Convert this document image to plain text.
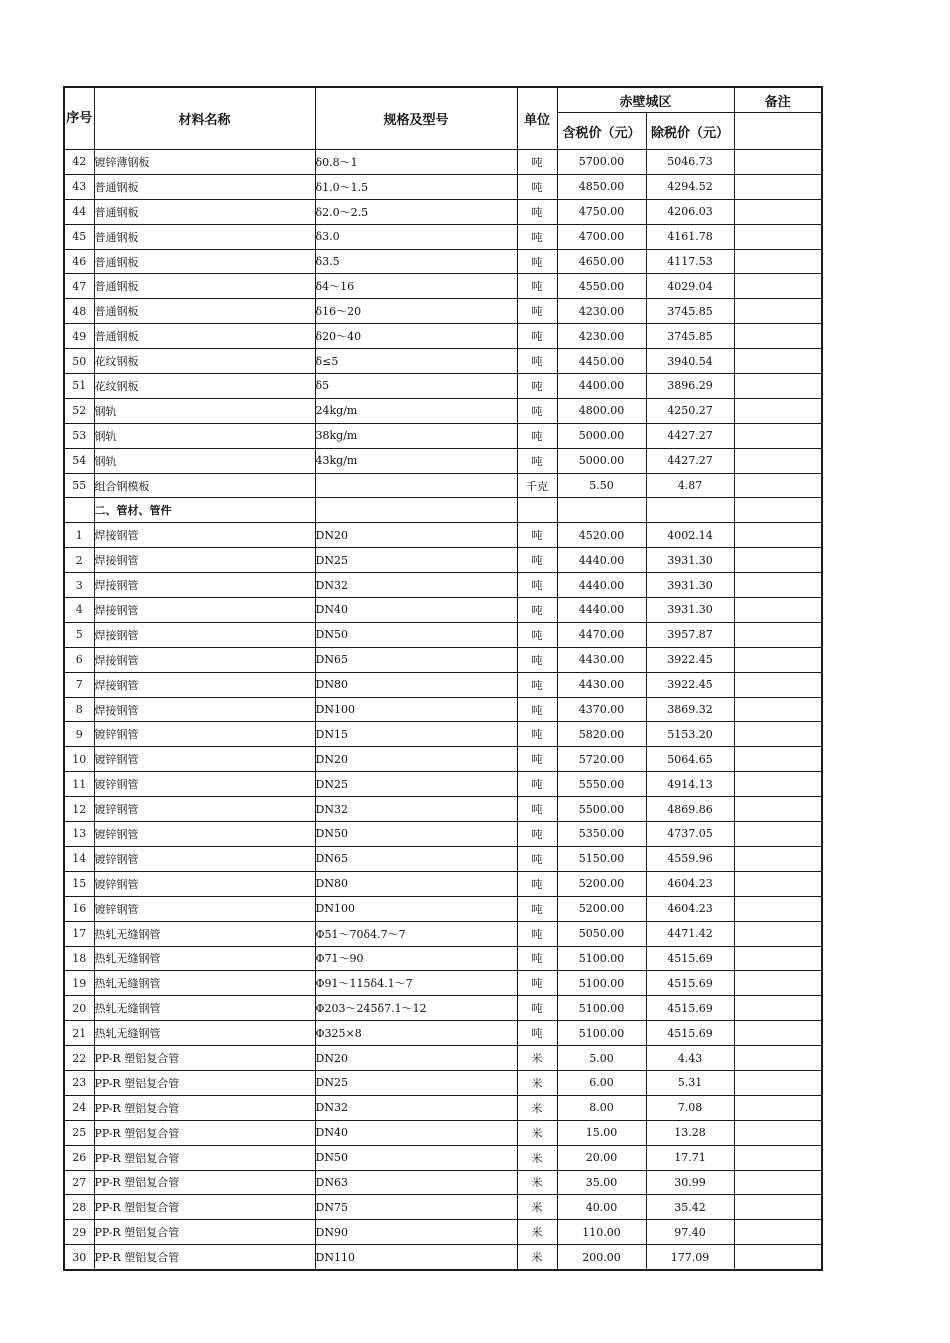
序号	材料名称	规格及型号	单位	赤壁城区		备注
				含税价（元）	除税价（元）	
42	镀锌薄钢板	δ0.8～1	吨	5700.00	5046.73	
43	普通钢板	δ1.0～1.5	吨	4850.00	4294.52	
44	普通钢板	δ2.0～2.5	吨	4750.00	4206.03	
45	普通钢板	δ3.0	吨	4700.00	4161.78	
46	普通钢板	δ3.5	吨	4650.00	4117.53	
47	普通钢板	δ4～16	吨	4550.00	4029.04	
48	普通钢板	δ16～20	吨	4230.00	3745.85	
49	普通钢板	δ20～40	吨	4230.00	3745.85	
50	花纹钢板	δ≤5	吨	4450.00	3940.54	
51	花纹钢板	δ5	吨	4400.00	3896.29	
52	钢轨	24kg/m	吨	4800.00	4250.27	
53	钢轨	38kg/m	吨	5000.00	4427.27	
54	钢轨	43kg/m	吨	5000.00	4427.27	
55	组合钢模板		千克	5.50	4.87	
	二、管材、管件					
1	焊接钢管	DN20	吨	4520.00	4002.14	
2	焊接钢管	DN25	吨	4440.00	3931.30	
3	焊接钢管	DN32	吨	4440.00	3931.30	
4	焊接钢管	DN40	吨	4440.00	3931.30	
5	焊接钢管	DN50	吨	4470.00	3957.87	
6	焊接钢管	DN65	吨	4430.00	3922.45	
7	焊接钢管	DN80	吨	4430.00	3922.45	
8	焊接钢管	DN100	吨	4370.00	3869.32	
9	镀锌钢管	DN15	吨	5820.00	5153.20	
10	镀锌钢管	DN20	吨	5720.00	5064.65	
11	镀锌钢管	DN25	吨	5550.00	4914.13	
12	镀锌钢管	DN32	吨	5500.00	4869.86	
13	镀锌钢管	DN50	吨	5350.00	4737.05	
14	镀锌钢管	DN65	吨	5150.00	4559.96	
15	镀锌钢管	DN80	吨	5200.00	4604.23	
16	镀锌钢管	DN100	吨	5200.00	4604.23	
17	热轧无缝钢管	Φ51～70δ4.7～7	吨	5050.00	4471.42	
18	热轧无缝钢管	Φ71～90	吨	5100.00	4515.69	
19	热轧无缝钢管	Φ91～115δ4.1～7	吨	5100.00	4515.69	
20	热轧无缝钢管	Φ203～245δ7.1～12	吨	5100.00	4515.69	
21	热轧无缝钢管	Φ325×8	吨	5100.00	4515.69	
22	PP-R 塑铝复合管	DN20	米	5.00	4.43	
23	PP-R 塑铝复合管	DN25	米	6.00	5.31	
24	PP-R 塑铝复合管	DN32	米	8.00	7.08	
25	PP-R 塑铝复合管	DN40	米	15.00	13.28	
26	PP-R 塑铝复合管	DN50	米	20.00	17.71	
27	PP-R 塑铝复合管	DN63	米	35.00	30.99	
28	PP-R 塑铝复合管	DN75	米	40.00	35.42	
29	PP-R 塑铝复合管	DN90	米	110.00	97.40	
30	PP-R 塑铝复合管	DN110	米	200.00	177.09	
